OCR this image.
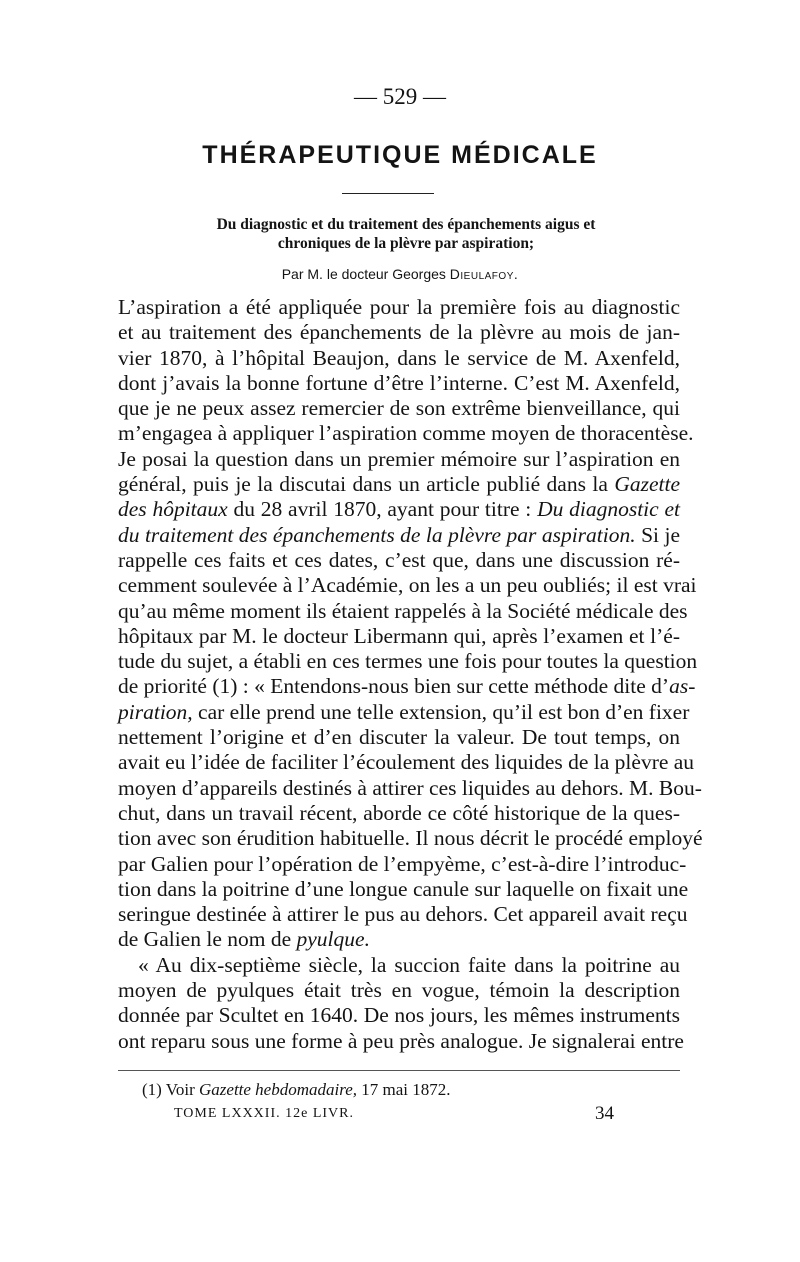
— 529 —
THÉRAPEUTIQUE MÉDICALE
Du diagnostic et du traitement des épanchements aigus et
chroniques de la plèvre par aspiration;
Par M. le docteur Georges Dieulafoy.
L’aspiration a été appliquée pour la première fois au diagnostic
et au traitement des épanchements de la plèvre au mois de jan-
vier 1870, à l’hôpital Beaujon, dans le service de M. Axenfeld,
dont j’avais la bonne fortune d’être l’interne. C’est M. Axenfeld,
que je ne peux assez remercier de son extrême bienveillance, qui
m’engagea à appliquer l’aspiration comme moyen de thoracentèse.
Je posai la question dans un premier mémoire sur l’aspiration en
général, puis je la discutai dans un article publié dans la Gazette
des hôpitaux du 28 avril 1870, ayant pour titre : Du diagnostic et
du traitement des épanchements de la plèvre par aspiration. Si je
rappelle ces faits et ces dates, c’est que, dans une discussion ré-
cemment soulevée à l’Académie, on les a un peu oubliés; il est vrai
qu’au même moment ils étaient rappelés à la Société médicale des
hôpitaux par M. le docteur Libermann qui, après l’examen et l’é-
tude du sujet, a établi en ces termes une fois pour toutes la question
de priorité (1) : « Entendons-nous bien sur cette méthode dite d’as-
piration, car elle prend une telle extension, qu’il est bon d’en fixer
nettement l’origine et d’en discuter la valeur. De tout temps, on
avait eu l’idée de faciliter l’écoulement des liquides de la plèvre au
moyen d’appareils destinés à attirer ces liquides au dehors. M. Bou-
chut, dans un travail récent, aborde ce côté historique de la ques-
tion avec son érudition habituelle. Il nous décrit le procédé employé
par Galien pour l’opération de l’empyème, c’est-à-dire l’introduc-
tion dans la poitrine d’une longue canule sur laquelle on fixait une
seringue destinée à attirer le pus au dehors. Cet appareil avait reçu
de Galien le nom de pyulque.
« Au dix-septième siècle, la succion faite dans la poitrine au
moyen de pyulques était très en vogue, témoin la description
donnée par Scultet en 1640. De nos jours, les mêmes instruments
ont reparu sous une forme à peu près analogue. Je signalerai entre
(1) Voir Gazette hebdomadaire, 17 mai 1872.
TOME LXXXII. 12e LIVR.	34
